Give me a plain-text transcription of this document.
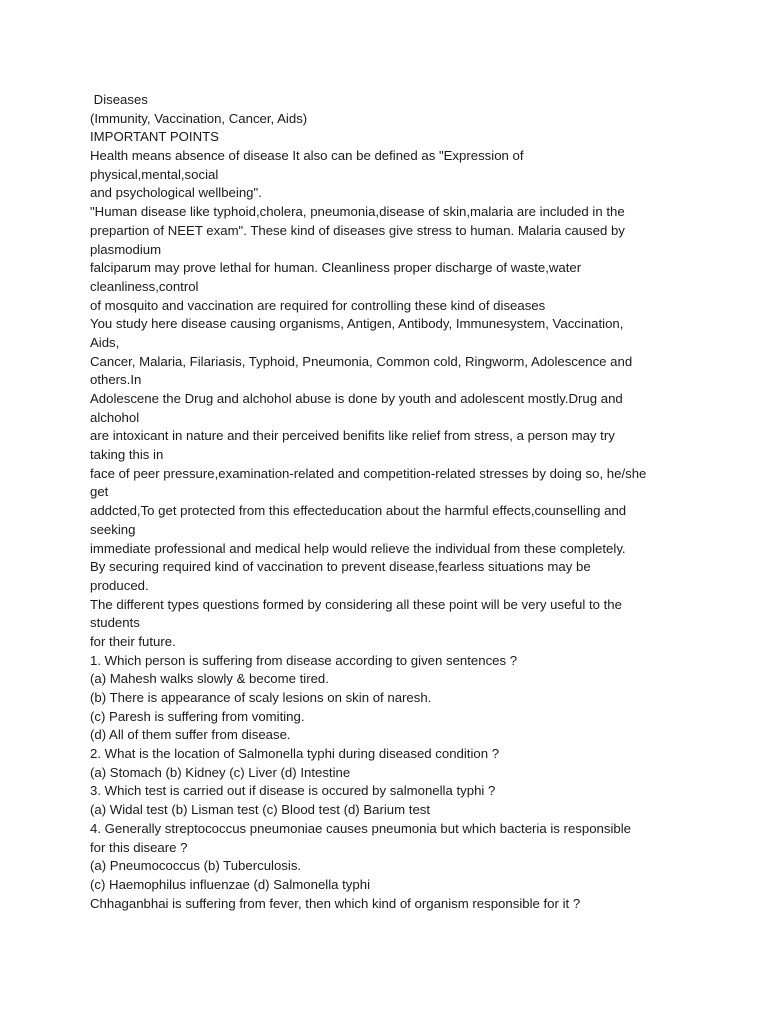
Diseases
(Immunity, Vaccination, Cancer, Aids)
IMPORTANT POINTS
Health means absence of disease It also can be defined as "Expression of
physical,mental,social
and psychological wellbeing".
"Human disease like typhoid,cholera, pneumonia,disease of skin,malaria are included in the
prepartion of NEET exam". These kind of diseases give stress to human. Malaria caused by
plasmodium
falciparum may prove lethal for human. Cleanliness proper discharge of waste,water
cleanliness,control
of mosquito and vaccination are required for controlling these kind of diseases
You study here disease causing organisms, Antigen, Antibody, Immunesystem, Vaccination,
Aids,
Cancer, Malaria, Filariasis, Typhoid, Pneumonia, Common cold, Ringworm, Adolescence and
others.In
Adolescene the Drug and alchohol abuse is done by youth and adolescent mostly.Drug and
alchohol
are intoxicant in nature and their perceived benifits like relief from stress, a person may try
taking this in
face of peer pressure,examination-related and competition-related stresses by doing so, he/she
get
addcted,To get protected from this effecteducation about the harmful effects,counselling and
seeking
immediate professional and medical help would relieve the individual from these completely.
By securing required kind of vaccination to prevent disease,fearless situations may be
produced.
The different types questions formed by considering all these point will be very useful to the
students
for their future.
1. Which person is suffering from disease according to given sentences ?
(a) Mahesh walks slowly & become tired.
(b) There is appearance of scaly lesions on skin of naresh.
(c) Paresh is suffering from vomiting.
(d) All of them suffer from disease.
2. What is the location of Salmonella typhi during diseased condition ?
(a) Stomach (b) Kidney (c) Liver (d) Intestine
3. Which test is carried out if disease is occured by salmonella typhi ?
(a) Widal test (b) Lisman test (c) Blood test (d) Barium test
4. Generally streptococcus pneumoniae causes pneumonia but which bacteria is responsible
for this diseare ?
(a) Pneumococcus (b) Tuberculosis.
(c) Haemophilus influenzae (d) Salmonella typhi
Chhaganbhai is suffering from fever, then which kind of organism responsible for it ?
